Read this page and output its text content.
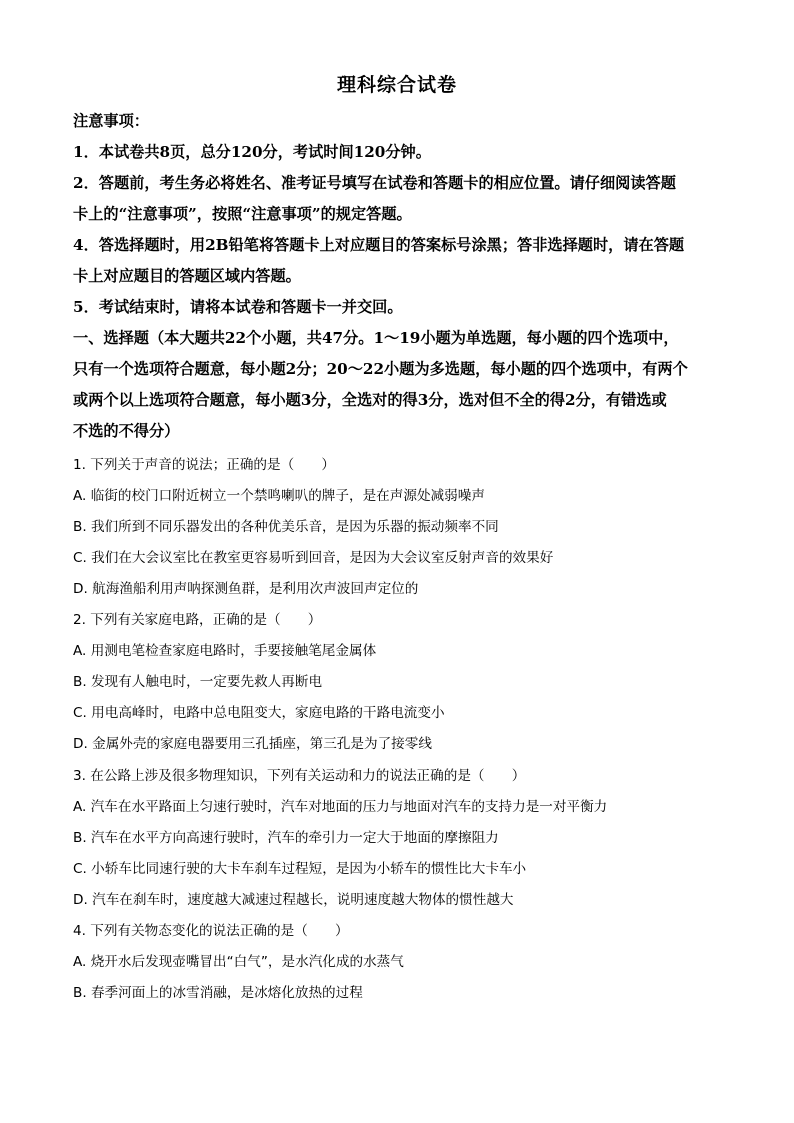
理科综合试卷
注意事项：
1．本试卷共8页，总分120分，考试时间120分钟。
2．答题前，考生务必将姓名、准考证号填写在试卷和答题卡的相应位置。请仔细阅读答题
卡上的“注意事项”，按照“注意事项”的规定答题。
4．答选择题时，用2B铅笔将答题卡上对应题目的答案标号涂黑；答非选择题时，请在答题
卡上对应题目的答题区域内答题。
5．考试结束时，请将本试卷和答题卡一并交回。
一、选择题（本大题共22个小题，共47分。1～19小题为单选题，每小题的四个选项中，
只有一个选项符合题意，每小题2分；20～22小题为多选题，每小题的四个选项中，有两个
或两个以上选项符合题意，每小题3分，全选对的得3分，选对但不全的得2分，有错选或
不选的不得分）
1. 下列关于声音的说法；正确的是（　　）
A. 临街的校门口附近树立一个禁鸣喇叭的牌子，是在声源处减弱噪声
B. 我们所到不同乐器发出的各种优美乐音，是因为乐器的振动频率不同
C. 我们在大会议室比在教室更容易听到回音，是因为大会议室反射声音的效果好
D. 航海渔船利用声呐探测鱼群，是利用次声波回声定位的
2. 下列有关家庭电路，正确的是（　　）
A. 用测电笔检查家庭电路时，手要接触笔尾金属体
B. 发现有人触电时，一定要先救人再断电
C. 用电高峰时，电路中总电阻变大，家庭电路的干路电流变小
D. 金属外壳的家庭电器要用三孔插座，第三孔是为了接零线
3. 在公路上涉及很多物理知识，下列有关运动和力的说法正确的是（　　）
A. 汽车在水平路面上匀速行驶时，汽车对地面的压力与地面对汽车的支持力是一对平衡力
B. 汽车在水平方向高速行驶时，汽车的牵引力一定大于地面的摩擦阻力
C. 小轿车比同速行驶的大卡车刹车过程短，是因为小轿车的惯性比大卡车小
D. 汽车在刹车时，速度越大减速过程越长，说明速度越大物体的惯性越大
4. 下列有关物态变化的说法正确的是（　　）
A. 烧开水后发现壶嘴冒出“白气”，是水汽化成的水蒸气
B. 春季河面上的冰雪消融，是冰熔化放热的过程
